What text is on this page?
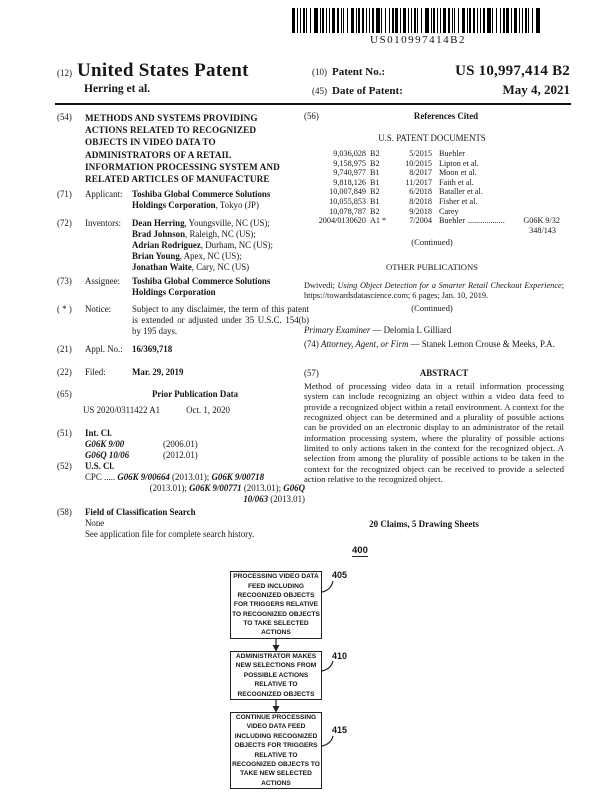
US010997414B2
(12) United States Patent
Herring et al.
(10) Patent No.:	US 10,997,414 B2
(45) Date of Patent:	May 4, 2021
(54)	METHODS AND SYSTEMS PROVIDING ACTIONS RELATED TO RECOGNIZED OBJECTS IN VIDEO DATA TO ADMINISTRATORS OF A RETAIL INFORMATION PROCESSING SYSTEM AND RELATED ARTICLES OF MANUFACTURE
(71)	Applicant:	Toshiba Global Commerce Solutions Holdings Corporation, Tokyo (JP)
(72)	Inventors:	Dean Herring, Youngsville, NC (US);
Brad Johnson, Raleigh, NC (US);
Adrian Rodriguez, Durham, NC (US);
Brian Young, Apex, NC (US);
Jonathan Waite, Cary, NC (US)
(73)	Assignee:	Toshiba Global Commerce Solutions Holdings Corporation
( * )	Notice:	Subject to any disclaimer, the term of this patent is extended or adjusted under 35 U.S.C. 154(b) by 195 days.
(21)	Appl. No.:	16/369,718
(22)	Filed:	Mar. 29, 2019
(65)	Prior Publication Data
US 2020/0311422 A1	Oct. 1, 2020
(51)	Int. Cl.

G06K 9/00	(2006.01)
G06Q 10/06	(2012.01)
(52)	U.S. Cl.
CPC ..... G06K 9/00664 (2013.01); G06K 9/00718

(2013.01); G06K 9/00771 (2013.01); G06Q
10/063 (2013.01)
(58)	Field of Classification Search
None
See application file for complete search history.
(56)	References Cited
U.S. PATENT DOCUMENTS
9,036,028 B2	5/2015 Buehler
9,158,975 B2	10/2015 Lipton et al.
9,740,977 B1	8/2017 Moon et al.
9,818,126 B1	11/2017 Faith et al.
10,007,849 B2	6/2018 Bataller et al.
10,055,853 B1	8/2018 Fisher et al.
10,078,787 B2	9/2018 Carey
2004/0130620 A1 *	7/2004 Buehler ..................	G06K 9/32
348/143
(Continued)
OTHER PUBLICATIONS
Dwivedi; Using Object Detection for a Smarter Retail Checkout Experience; https://towardsdatascience.com; 6 pages; Jan. 10, 2019.
(Continued)
Primary Examiner — Delomia L Gilliard
(74) Attorney, Agent, or Firm — Stanek Lemon Crouse & Meeks, P.A.
(57)	ABSTRACT
Method of processing video data in a retail information processing system can include recognizing an object within a video data feed to provide a recognized object within a retail environment. A context for the recognized object can be determined and a plurality of possible actions can be provided on an electronic display to an administrator of the retail information processing system, where the plurality of possible actions limited to only actions taken in the context for the recognized object. A selection from among the plurality of possible actions to be taken in the context for the recognized object can be received to provide a selected action relative to the recognized object.
20 Claims, 5 Drawing Sheets
400
PROCESSING VIDEO DATA FEED INCLUDING RECOGNIZED OBJECTS FOR TRIGGERS RELATIVE TO RECOGNIZED OBJECTS TO TAKE SELECTED ACTIONS
ADMINISTRATOR MAKES NEW SELECTIONS FROM POSSIBLE ACTIONS RELATIVE TO RECOGNIZED OBJECTS
CONTINUE PROCESSING VIDEO DATA FEED INCLUDING RECOGNIZED OBJECTS FOR TRIGGERS RELATIVE TO RECOGNIZED OBJECTS TO TAKE NEW SELECTED ACTIONS
405
410
415
